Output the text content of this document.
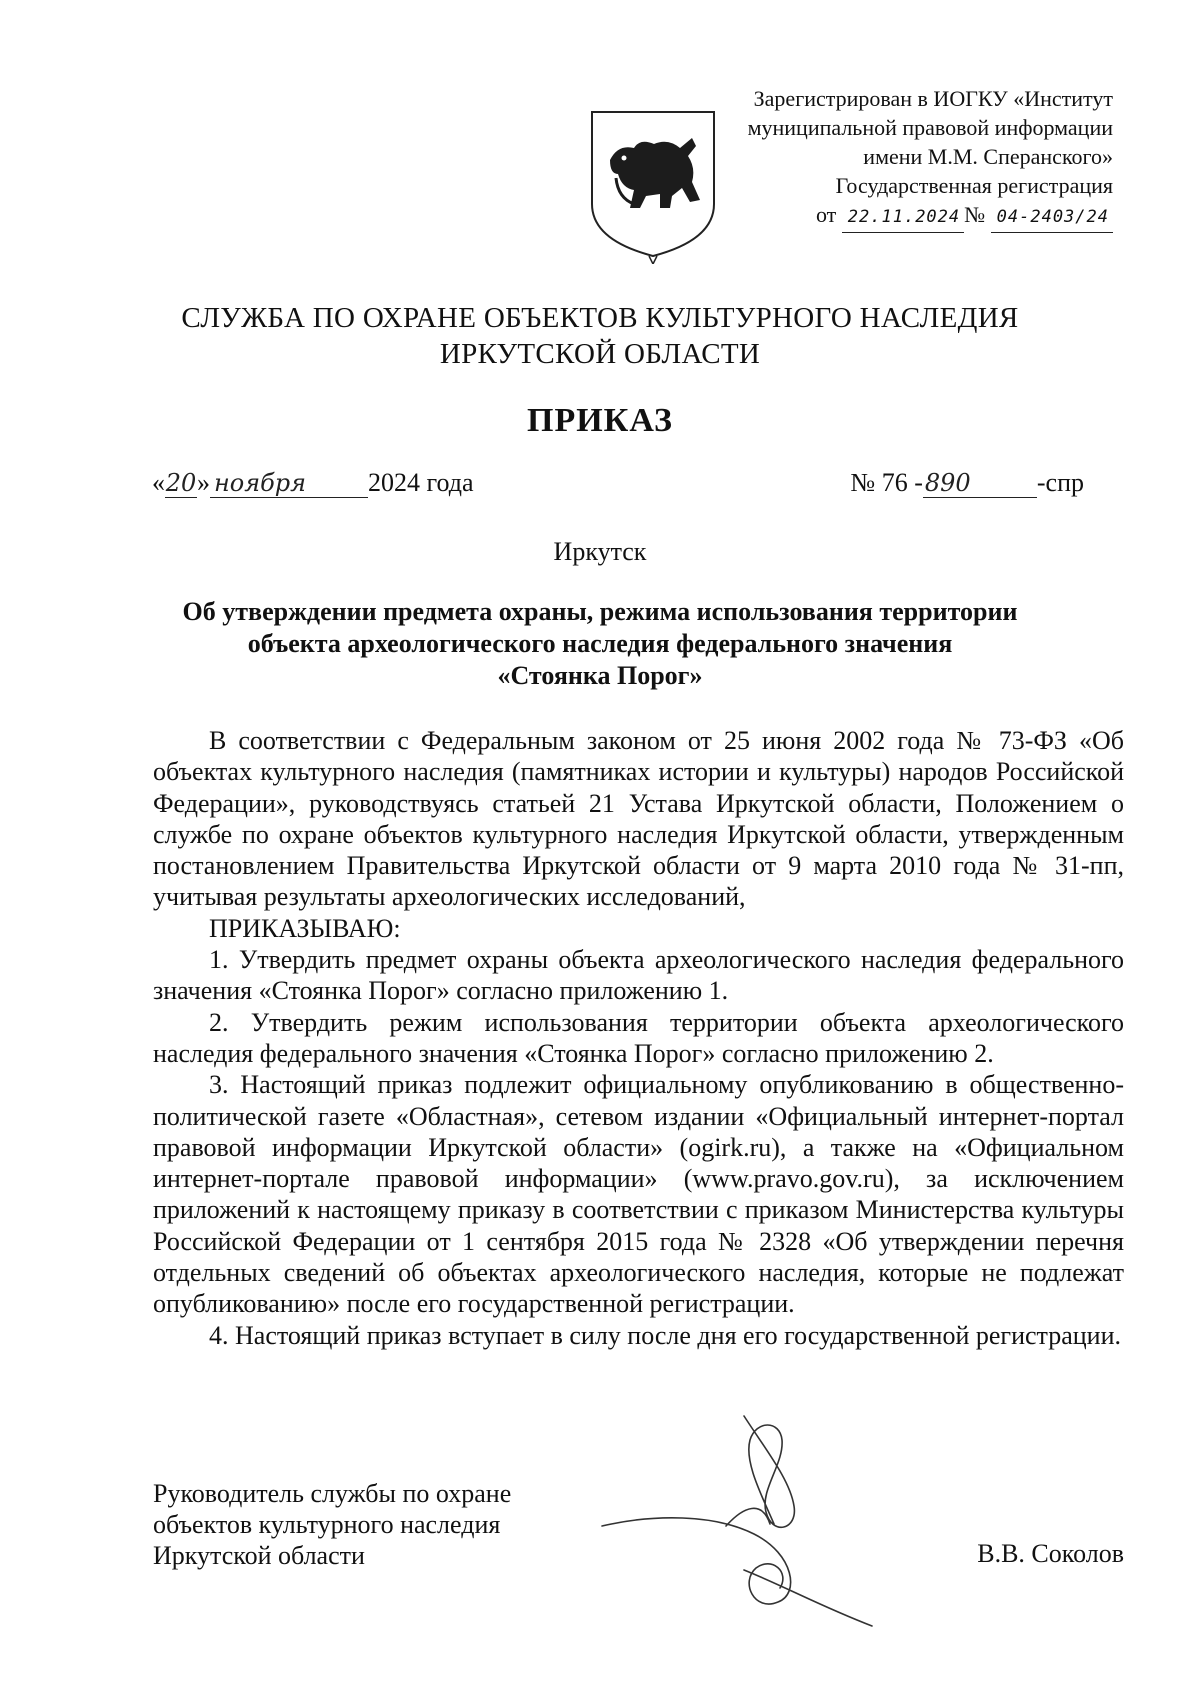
Зарегистрирован в ИОГКУ «Институт
муниципальной правовой информации
имени М.М. Сперанского»
Государственная регистрация
от 22.11.2024 № 04-2403/24
СЛУЖБА ПО ОХРАНЕ ОБЪЕКТОВ КУЛЬТУРНОГО НАСЛЕДИЯ
ИРКУТСКОЙ ОБЛАСТИ
ПРИКАЗ
«20» ноября 2024 года	№ 76 -890	-спр
Иркутск
Об утверждении предмета охраны, режима использования территории
объекта археологического наследия федерального значения
«Стоянка Порог»

В соответствии с Федеральным законом от 25 июня 2002 года № 73-ФЗ «Об объектах культурного наследия (памятниках истории и культуры) народов Российской Федерации», руководствуясь статьей 21 Устава Иркутской области, Положением о службе по охране объектов культурного наследия Иркутской области, утвержденным постановлением Правительства Иркутской области от 9 марта 2010 года № 31-пп, учитывая результаты археологических исследований,

ПРИКАЗЫВАЮ:

1. Утвердить предмет охраны объекта археологического наследия федерального значения «Стоянка Порог» согласно приложению 1.

2. Утвердить режим использования территории объекта археологического наследия федерального значения «Стоянка Порог» согласно приложению 2.

3. Настоящий приказ подлежит официальному опубликованию в общественно-политической газете «Областная», сетевом издании «Официальный интернет-портал правовой информации Иркутской области» (ogirk.ru), а также на «Официальном интернет-портале правовой информации» (www.pravo.gov.ru), за исключением приложений к настоящему приказу в соответствии с приказом Министерства культуры Российской Федерации от 1 сентября 2015 года № 2328 «Об утверждении перечня отдельных сведений об объектах археологического наследия, которые не подлежат опубликованию» после его государственной регистрации.

4. Настоящий приказ вступает в силу после дня его государственной регистрации.

Руководитель службы по охране
объектов культурного наследия
Иркутской области	В.В. Соколов
